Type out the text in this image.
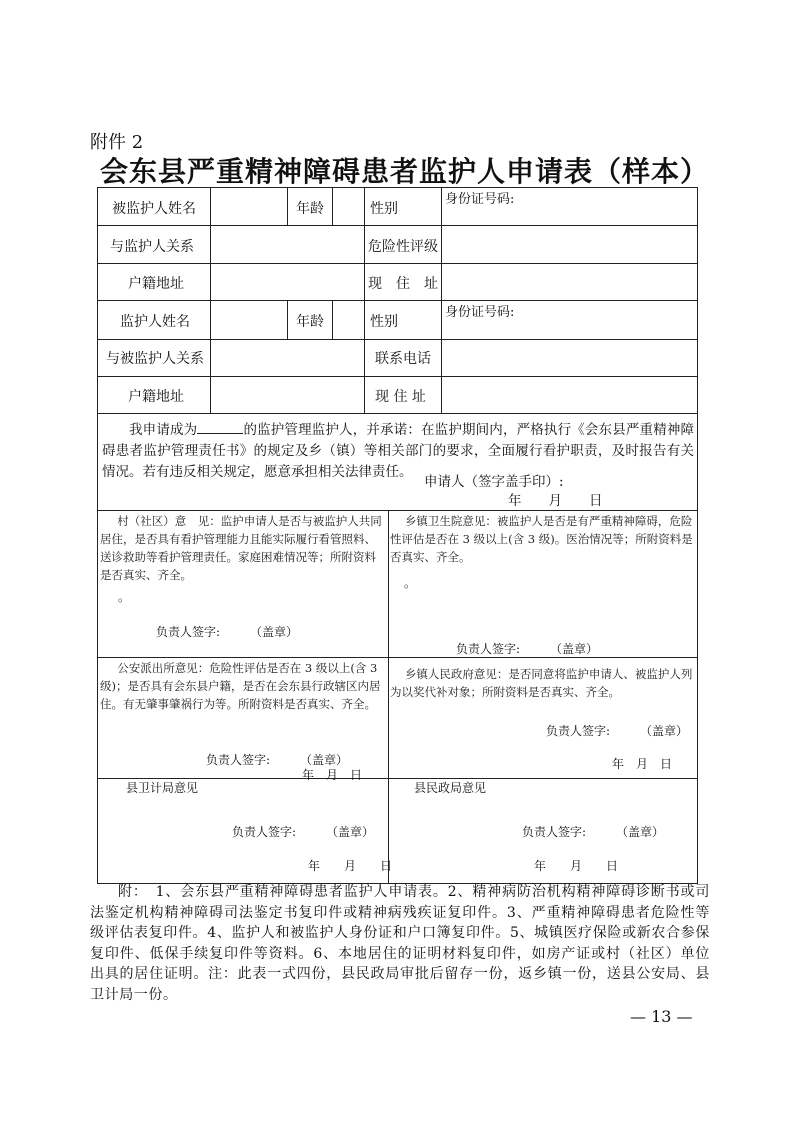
附件 2
会东县严重精神障碍患者监护人申请表（样本）
被监护人姓名	年龄	性别
身份证号码:
与监护人关系	危险性评级
户籍地址	现　住　址
监护人姓名	年龄	性别
身份证号码:
与被监护人关系	联系电话
户籍地址	现 住 址
我申请成为	的监护管理监护人，并承诺：在监护期间内，严格执行《会东县严重精神障碍患者监护管理责任书》的规定及乡（镇）等相关部门的要求，全面履行看护职责，及时报告有关情况。若有违反相关规定，愿意承担相关法律责任。
申请人（签字盖手印）:
年　　月　　日
村（社区）意　见：监护申请人是否与被监护人共同居住，是否具有看护管理能力且能实际履行看管照料、送诊救助等看护管理责任。家庭困难情况等；所附资料是否真实、齐全。
。
负责人签字:　　　（盖章）
乡镇卫生院意见：被监护人是否是有严重精神障碍，危险性评估是否在 3 级以上(含 3 级)。医治情况等；所附资料是否真实、齐全。
。
负责人签字:　　　（盖章）
公安派出所意见：危险性评估是否在 3 级以上(含 3 级)；是否具有会东县户籍，是否在会东县行政辖区内居住。有无肇事肇祸行为等。所附资料是否真实、齐全。
负责人签字:　　　（盖章）
年　月　日
乡镇人民政府意见：是否同意将监护申请人、被监护人列为以奖代补对象；所附资料是否真实、齐全。
负责人签字:　　　（盖章）
年　月　日
县卫计局意见
负责人签字:　　　（盖章）
年　　月　　日
县民政局意见
负责人签字:　　　（盖章）
年　　月　　日
附：　1、会东县严重精神障碍患者监护人申请表。2、精神病防治机构精神障碍诊断书或司法鉴定机构精神障碍司法鉴定书复印件或精神病残疾证复印件。3、严重精神障碍患者危险性等级评估表复印件。4、监护人和被监护人身份证和户口簿复印件。5、城镇医疗保险或新农合参保复印件、低保手续复印件等资料。6、本地居住的证明材料复印件，如房产证或村（社区）单位出具的居住证明。注：此表一式四份，县民政局审批后留存一份，返乡镇一份，送县公安局、县卫计局一份。
— 13 —
